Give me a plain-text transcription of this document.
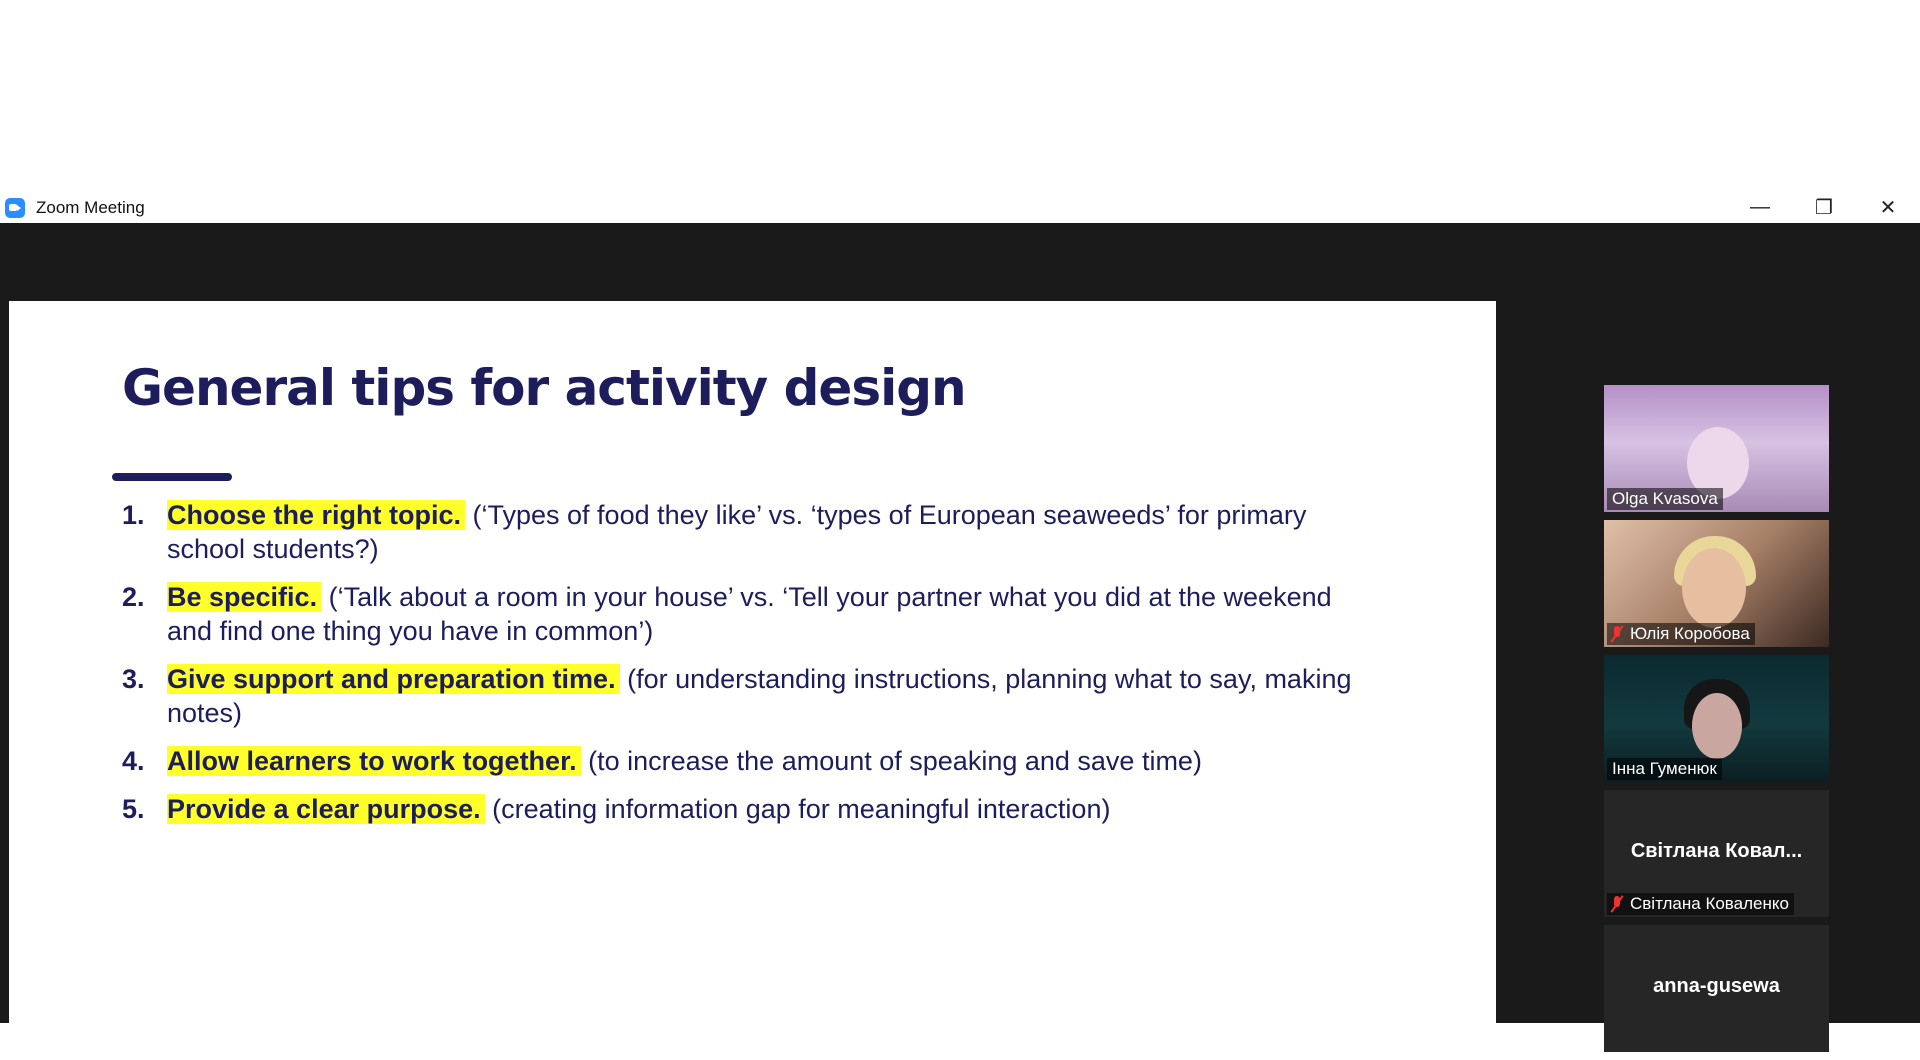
Zoom Meeting	—	❐	✕
General tips for activity design
1. Choose the right topic. (‘Types of food they like’ vs. ‘types of European seaweeds’ for primary school students?)
2. Be specific. (‘Talk about a room in your house’ vs. ‘Tell your partner what you did at the weekend and find one thing you have in common’)
3. Give support and preparation time. (for understanding instructions, planning what to say, making notes)
4. Allow learners to work together. (to increase the amount of speaking and save time)
5. Provide a clear purpose. (creating information gap for meaningful interaction)
Olga Kvasova
Юлія Коробова
Інна Гуменюк
Світлана Ковал...
Світлана Коваленко
anna-gusewa
